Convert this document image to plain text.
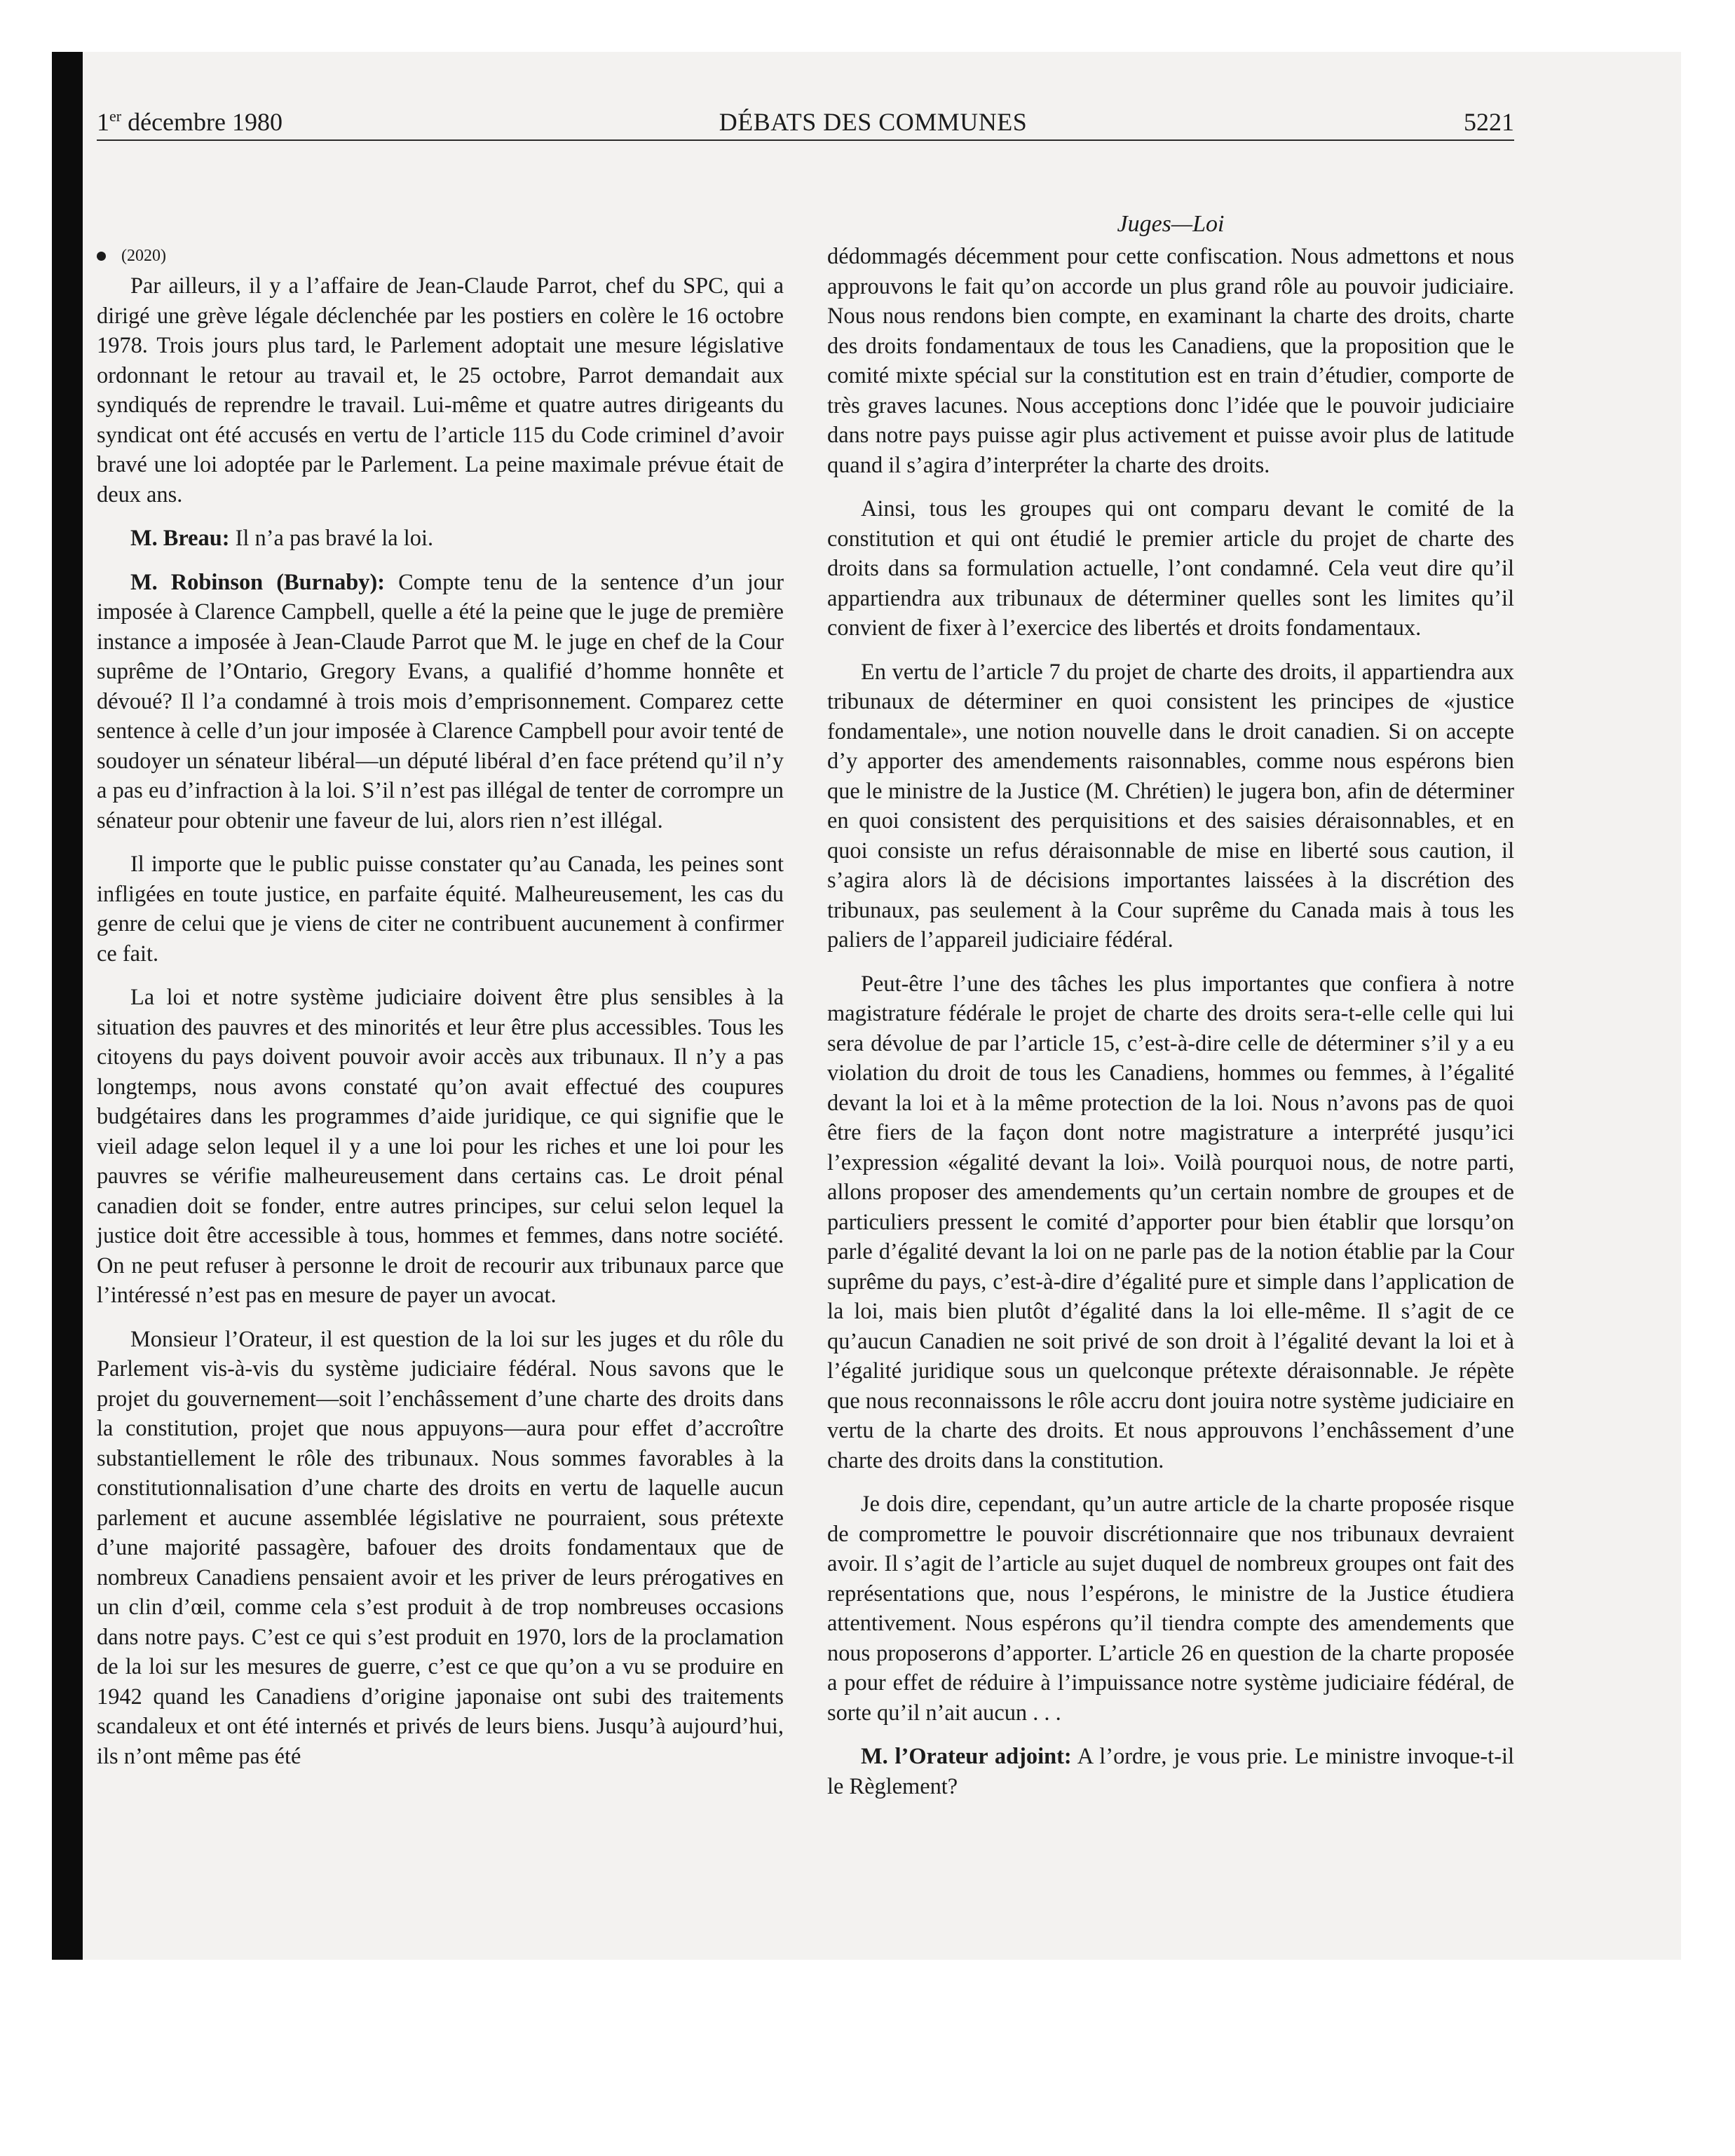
1er décembre 1980	DÉBATS DES COMMUNES	5221
Juges—Loi
(2020)

Par ailleurs, il y a l’affaire de Jean-Claude Parrot, chef du SPC, qui a dirigé une grève légale déclenchée par les postiers en colère le 16 octobre 1978. Trois jours plus tard, le Parlement adoptait une mesure législative ordonnant le retour au travail et, le 25 octobre, Parrot demandait aux syndiqués de reprendre le travail. Lui-même et quatre autres dirigeants du syndicat ont été accusés en vertu de l’article 115 du Code criminel d’avoir bravé une loi adoptée par le Parlement. La peine maximale prévue était de deux ans.

M. Breau: Il n’a pas bravé la loi.

M. Robinson (Burnaby): Compte tenu de la sentence d’un jour imposée à Clarence Campbell, quelle a été la peine que le juge de première instance a imposée à Jean-Claude Parrot que M. le juge en chef de la Cour suprême de l’Ontario, Gregory Evans, a qualifié d’homme honnête et dévoué? Il l’a condamné à trois mois d’emprisonnement. Comparez cette sentence à celle d’un jour imposée à Clarence Campbell pour avoir tenté de soudoyer un sénateur libéral—un député libéral d’en face prétend qu’il n’y a pas eu d’infraction à la loi. S’il n’est pas illégal de tenter de corrompre un sénateur pour obtenir une faveur de lui, alors rien n’est illégal.

Il importe que le public puisse constater qu’au Canada, les peines sont infligées en toute justice, en parfaite équité. Malheureusement, les cas du genre de celui que je viens de citer ne contribuent aucunement à confirmer ce fait.

La loi et notre système judiciaire doivent être plus sensibles à la situation des pauvres et des minorités et leur être plus accessibles. Tous les citoyens du pays doivent pouvoir avoir accès aux tribunaux. Il n’y a pas longtemps, nous avons constaté qu’on avait effectué des coupures budgétaires dans les programmes d’aide juridique, ce qui signifie que le vieil adage selon lequel il y a une loi pour les riches et une loi pour les pauvres se vérifie malheureusement dans certains cas. Le droit pénal canadien doit se fonder, entre autres principes, sur celui selon lequel la justice doit être accessible à tous, hommes et femmes, dans notre société. On ne peut refuser à personne le droit de recourir aux tribunaux parce que l’intéressé n’est pas en mesure de payer un avocat.

Monsieur l’Orateur, il est question de la loi sur les juges et du rôle du Parlement vis-à-vis du système judiciaire fédéral. Nous savons que le projet du gouvernement—soit l’enchâssement d’une charte des droits dans la constitution, projet que nous appuyons—aura pour effet d’accroître substantiellement le rôle des tribunaux. Nous sommes favorables à la constitutionnalisation d’une charte des droits en vertu de laquelle aucun parlement et aucune assemblée législative ne pourraient, sous prétexte d’une majorité passagère, bafouer des droits fondamentaux que de nombreux Canadiens pensaient avoir et les priver de leurs prérogatives en un clin d’œil, comme cela s’est produit à de trop nombreuses occasions dans notre pays. C’est ce qui s’est produit en 1970, lors de la proclamation de la loi sur les mesures de guerre, c’est ce que qu’on a vu se produire en 1942 quand les Canadiens d’origine japonaise ont subi des traitements scandaleux et ont été internés et privés de leurs biens. Jusqu’à aujourd’hui, ils n’ont même pas été

dédommagés décemment pour cette confiscation. Nous admettons et nous approuvons le fait qu’on accorde un plus grand rôle au pouvoir judiciaire. Nous nous rendons bien compte, en examinant la charte des droits, charte des droits fondamentaux de tous les Canadiens, que la proposition que le comité mixte spécial sur la constitution est en train d’étudier, comporte de très graves lacunes. Nous acceptions donc l’idée que le pouvoir judiciaire dans notre pays puisse agir plus activement et puisse avoir plus de latitude quand il s’agira d’interpréter la charte des droits.

Ainsi, tous les groupes qui ont comparu devant le comité de la constitution et qui ont étudié le premier article du projet de charte des droits dans sa formulation actuelle, l’ont condamné. Cela veut dire qu’il appartiendra aux tribunaux de déterminer quelles sont les limites qu’il convient de fixer à l’exercice des libertés et droits fondamentaux.

En vertu de l’article 7 du projet de charte des droits, il appartiendra aux tribunaux de déterminer en quoi consistent les principes de «justice fondamentale», une notion nouvelle dans le droit canadien. Si on accepte d’y apporter des amendements raisonnables, comme nous espérons bien que le ministre de la Justice (M. Chrétien) le jugera bon, afin de déterminer en quoi consistent des perquisitions et des saisies déraisonnables, et en quoi consiste un refus déraisonnable de mise en liberté sous caution, il s’agira alors là de décisions importantes laissées à la discrétion des tribunaux, pas seulement à la Cour suprême du Canada mais à tous les paliers de l’appareil judiciaire fédéral.

Peut-être l’une des tâches les plus importantes que confiera à notre magistrature fédérale le projet de charte des droits sera-t-elle celle qui lui sera dévolue de par l’article 15, c’est-à-dire celle de déterminer s’il y a eu violation du droit de tous les Canadiens, hommes ou femmes, à l’égalité devant la loi et à la même protection de la loi. Nous n’avons pas de quoi être fiers de la façon dont notre magistrature a interprété jusqu’ici l’expression «égalité devant la loi». Voilà pourquoi nous, de notre parti, allons proposer des amendements qu’un certain nombre de groupes et de particuliers pressent le comité d’apporter pour bien établir que lorsqu’on parle d’égalité devant la loi on ne parle pas de la notion établie par la Cour suprême du pays, c’est-à-dire d’égalité pure et simple dans l’application de la loi, mais bien plutôt d’égalité dans la loi elle-même. Il s’agit de ce qu’aucun Canadien ne soit privé de son droit à l’égalité devant la loi et à l’égalité juridique sous un quelconque prétexte déraisonnable. Je répète que nous reconnaissons le rôle accru dont jouira notre système judiciaire en vertu de la charte des droits. Et nous approuvons l’enchâssement d’une charte des droits dans la constitution.

Je dois dire, cependant, qu’un autre article de la charte proposée risque de compromettre le pouvoir discrétionnaire que nos tribunaux devraient avoir. Il s’agit de l’article au sujet duquel de nombreux groupes ont fait des représentations que, nous l’espérons, le ministre de la Justice étudiera attentivement. Nous espérons qu’il tiendra compte des amendements que nous proposerons d’apporter. L’article 26 en question de la charte proposée a pour effet de réduire à l’impuissance notre système judiciaire fédéral, de sorte qu’il n’ait aucun . . .

M. l’Orateur adjoint: A l’ordre, je vous prie. Le ministre invoque-t-il le Règlement?
